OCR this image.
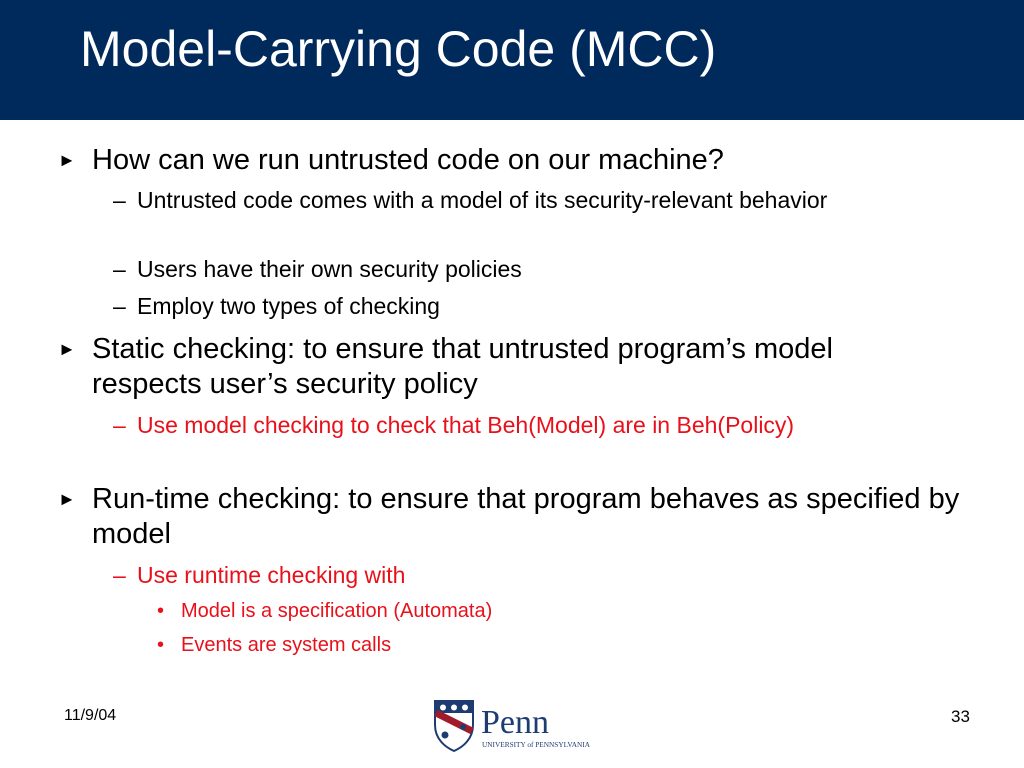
Model-Carrying Code (MCC)
► How can we run untrusted code on our machine?
– Untrusted code comes with a model of its security-relevant behavior
– Users have their own security policies
– Employ two types of checking
► Static checking: to ensure that untrusted program’s model respects user’s security policy
– Use model checking to check that Beh(Model) are in Beh(Policy)
► Run-time checking: to ensure that program behaves as specified by model
– Use runtime checking with
• Model is a specification (Automata)
• Events are system calls
11/9/04	33
Penn
UNIVERSITY of PENNSYLVANIA
